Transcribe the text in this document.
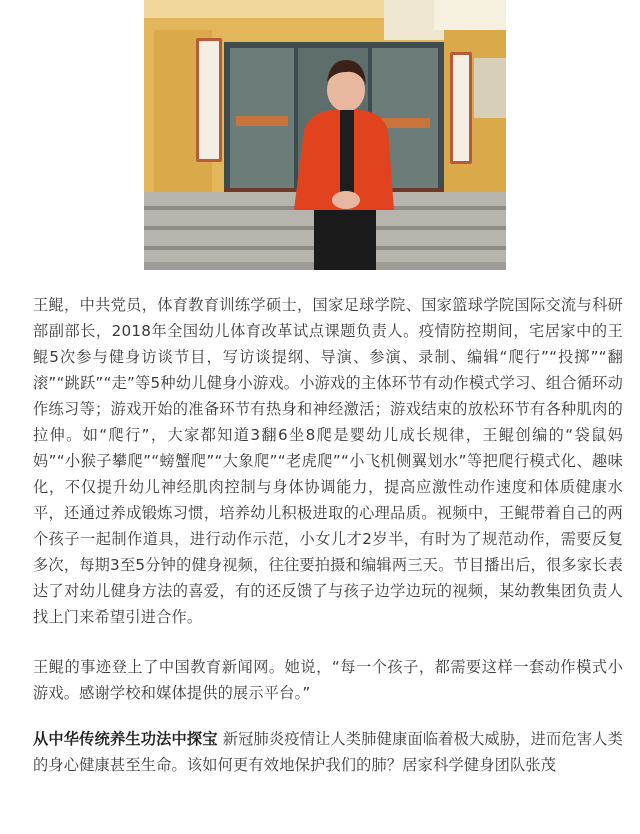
王鲲，中共党员，体育教育训练学硕士，国家足球学院、国家篮球学院国际交流与科研部副部长，2018年全国幼儿体育改革试点课题负责人。疫情防控期间，宅居家中的王鲲5次参与健身访谈节目，写访谈提纲、导演、参演、录制、编辑“爬行”“投掷”“翻滚”“跳跃”“走”等5种幼儿健身小游戏。小游戏的主体环节有动作模式学习、组合循环动作练习等；游戏开始的准备环节有热身和神经激活；游戏结束的放松环节有各种肌肉的拉伸。如“爬行”，大家都知道3翻6坐8爬是婴幼儿成长规律，王鲲创编的“袋鼠妈妈”“小猴子攀爬”“螃蟹爬”“大象爬”“老虎爬”“小飞机侧翼划水”等把爬行模式化、趣味化，不仅提升幼儿神经肌肉控制与身体协调能力，提高应激性动作速度和体质健康水平，还通过养成锻炼习惯，培养幼儿积极进取的心理品质。视频中，王鲲带着自己的两个孩子一起制作道具，进行动作示范，小女儿才2岁半，有时为了规范动作，需要反复多次，每期3至5分钟的健身视频，往往要拍摄和编辑两三天。节目播出后，很多家长表达了对幼儿健身方法的喜爱，有的还反馈了与孩子边学边玩的视频，某幼教集团负责人找上门来希望引进合作。

王鲲的事迹登上了中国教育新闻网。她说，“每一个孩子，都需要这样一套动作模式小游戏。感谢学校和媒体提供的展示平台。”

从中华传统养生功法中探宝 新冠肺炎疫情让人类肺健康面临着极大威胁，进而危害人类的身心健康甚至生命。该如何更有效地保护我们的肺？居家科学健身团队张茂
